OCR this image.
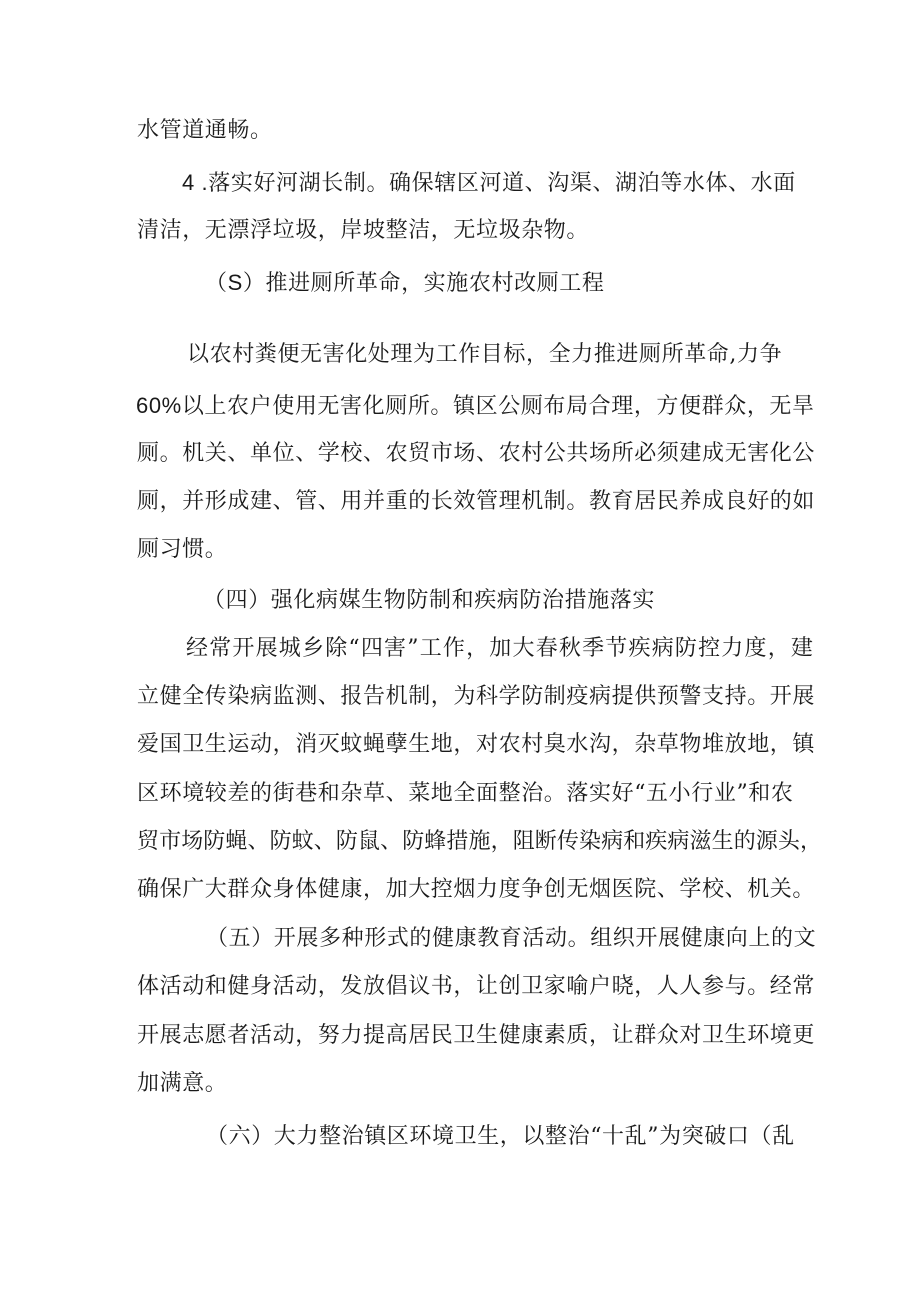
水管道通畅。
4 .落实好河湖长制。确保辖区河道、沟渠、湖泊等水体、水面
清洁，无漂浮垃圾，岸坡整洁，无垃圾杂物。
（S）推进厕所革命，实施农村改厕工程
以农村粪便无害化处理为工作目标，全力推进厕所革命,力争
60%以上农户使用无害化厕所。镇区公厕布局合理，方便群众，无旱
厕。机关、单位、学校、农贸市场、农村公共场所必须建成无害化公
厕，并形成建、管、用并重的长效管理机制。教育居民养成良好的如
厕习惯。
（四）强化病媒生物防制和疾病防治措施落实
经常开展城乡除“四害”工作，加大春秋季节疾病防控力度，建
立健全传染病监测、报告机制，为科学防制疫病提供预警支持。开展
爱国卫生运动，消灭蚊蝇孽生地，对农村臭水沟，杂草物堆放地，镇
区环境较差的街巷和杂草、菜地全面整治。落实好“五小行业”和农
贸市场防蝇、防蚊、防鼠、防蜂措施，阻断传染病和疾病滋生的源头，
确保广大群众身体健康，加大控烟力度争创无烟医院、学校、机关。
（五）开展多种形式的健康教育活动。组织开展健康向上的文
体活动和健身活动，发放倡议书，让创卫家喻户晓，人人参与。经常
开展志愿者活动，努力提高居民卫生健康素质，让群众对卫生环境更
加满意。
（六）大力整治镇区环境卫生，以整治“十乱”为突破口（乱
